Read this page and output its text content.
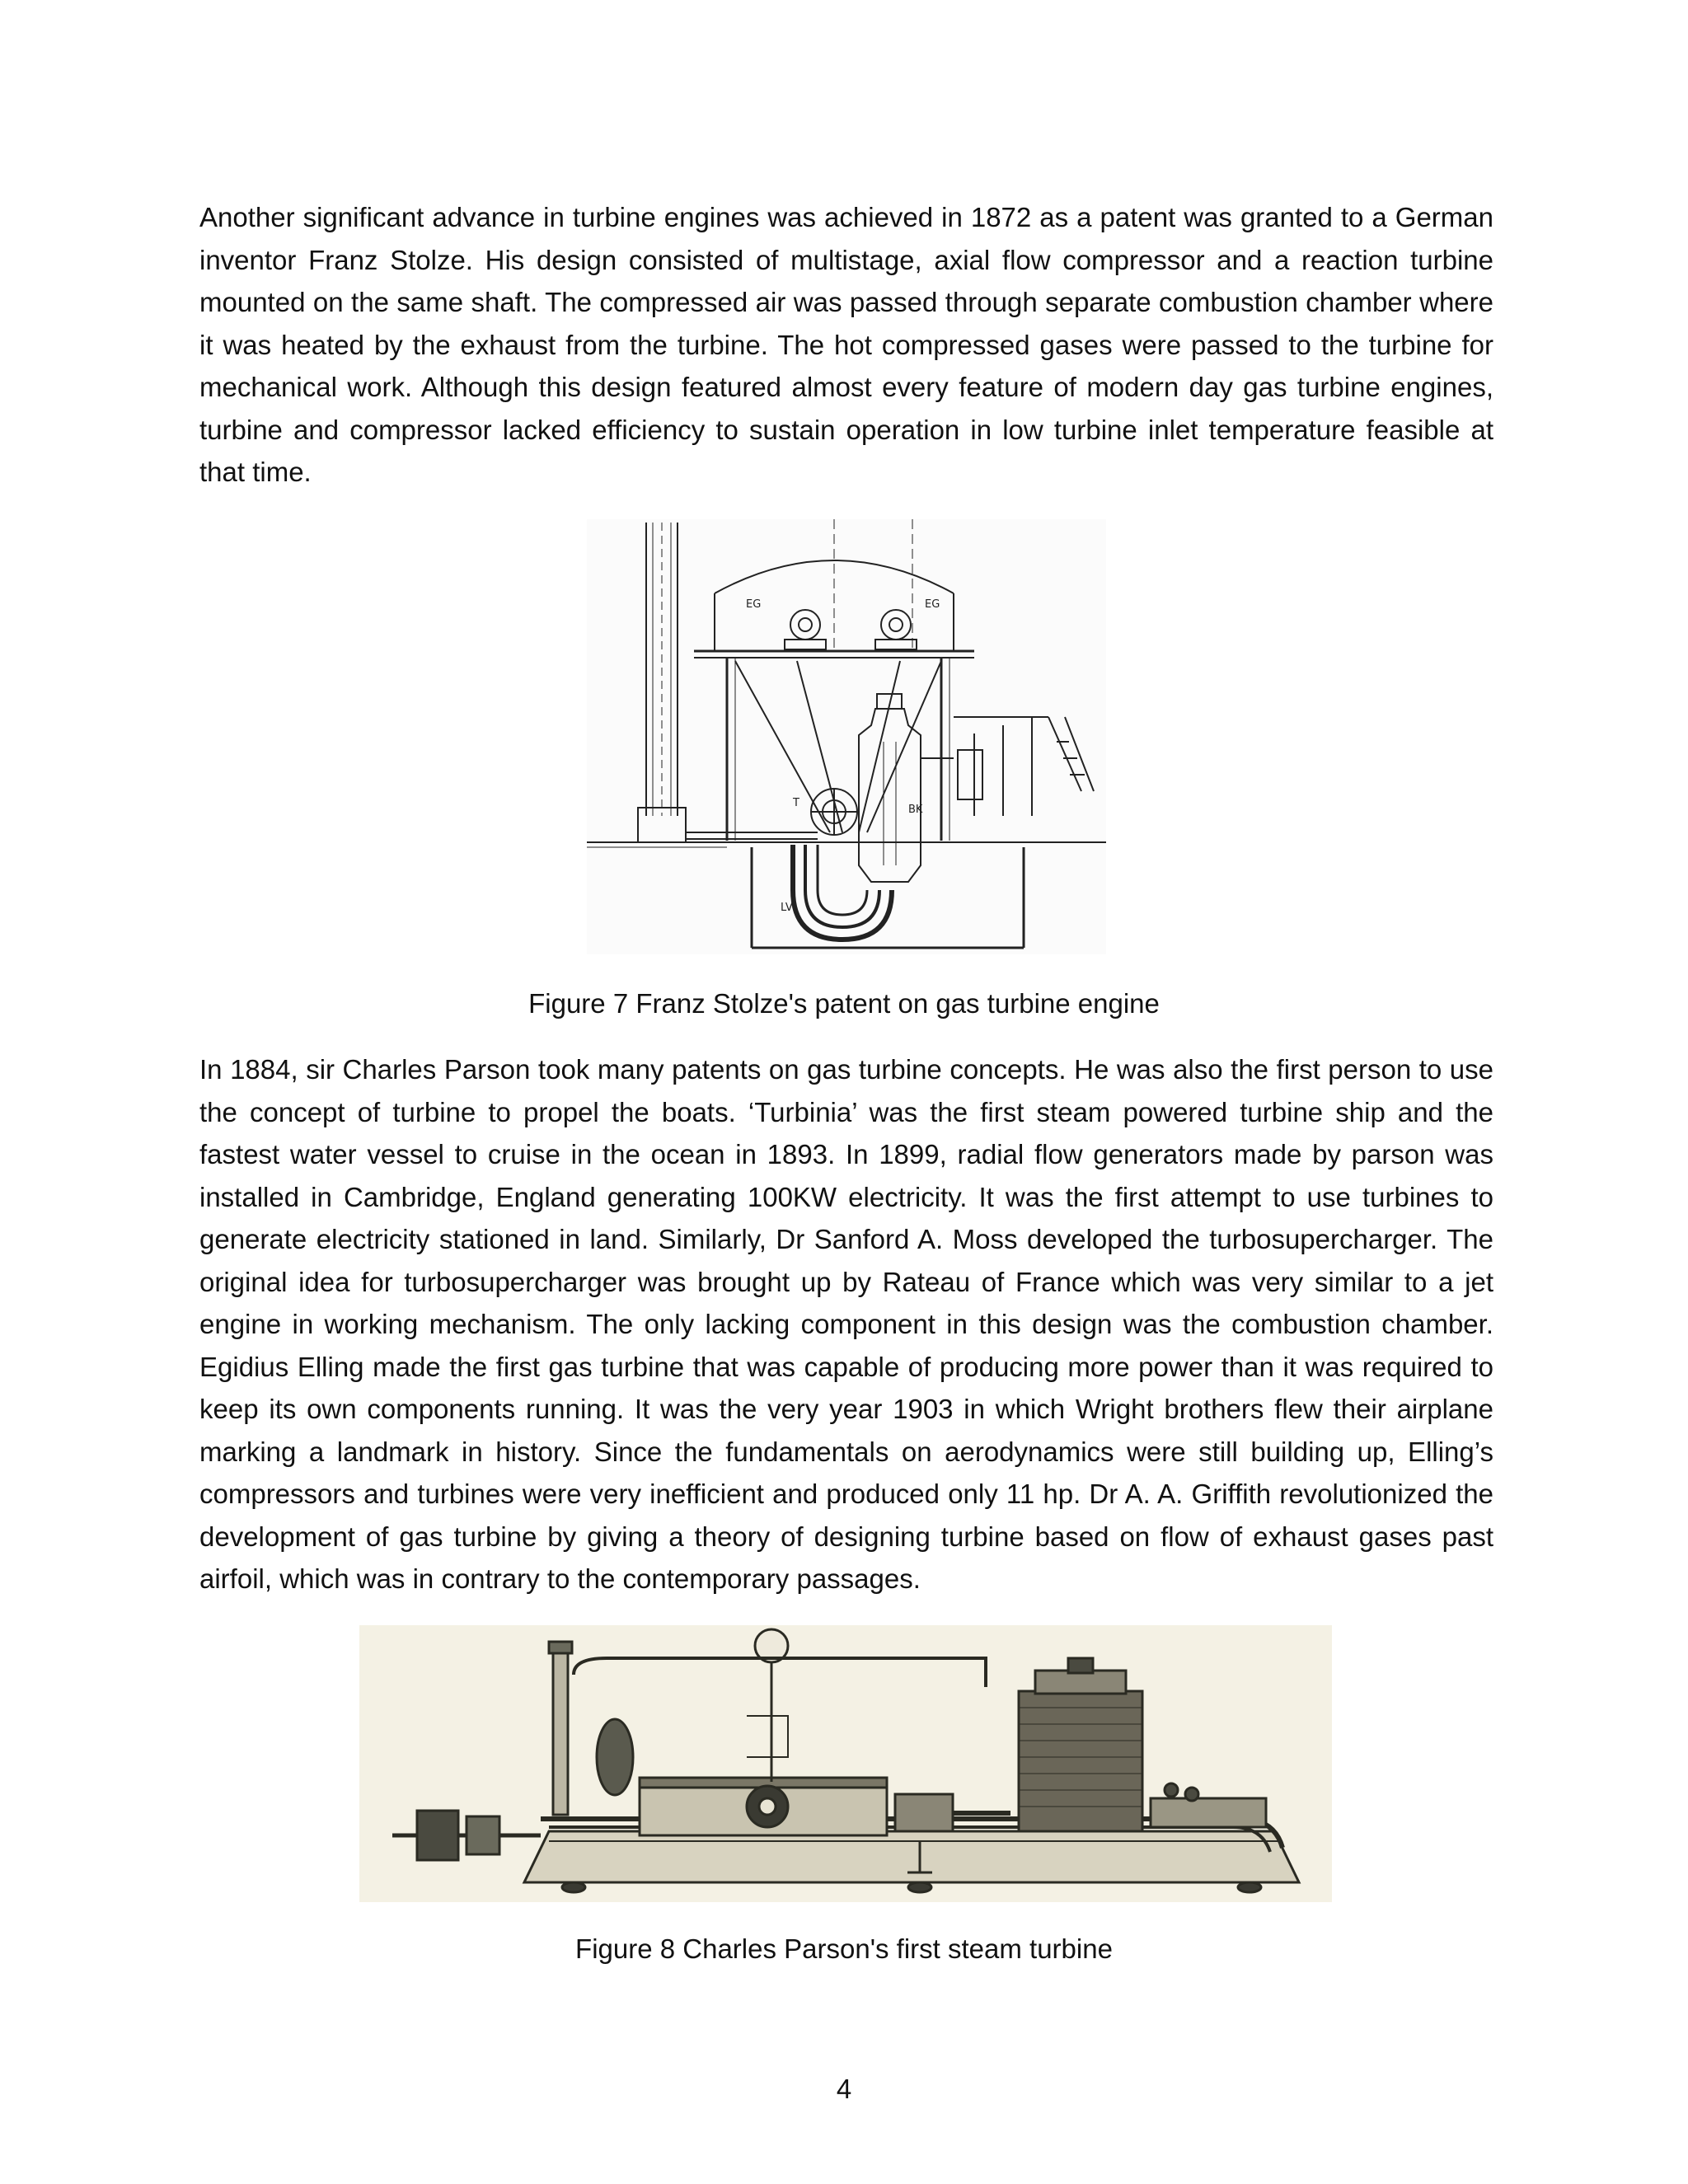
Another significant advance in turbine engines was achieved in 1872 as a patent was granted to a German inventor Franz Stolze. His design consisted of multistage, axial flow compressor and a reaction turbine mounted on the same shaft. The compressed air was passed through separate combustion chamber where it was heated by the exhaust from the turbine. The hot compressed gases were passed to the turbine for mechanical work. Although this design featured almost every feature of modern day gas turbine engines, turbine and compressor lacked efficiency to sustain operation in low turbine inlet temperature feasible at that time.

EG	EG
T
BK
LV

Figure 7 Franz Stolze's patent on gas turbine engine

In 1884, sir Charles Parson took many patents on gas turbine concepts. He was also the first person to use the concept of turbine to propel the boats. ‘Turbinia’ was the first steam powered turbine ship and the fastest water vessel to cruise in the ocean in 1893. In 1899, radial flow generators made by parson was installed in Cambridge, England generating 100KW electricity. It was the first attempt to use turbines to generate electricity stationed in land. Similarly, Dr Sanford A. Moss developed the turbosupercharger. The original idea for turbosupercharger was brought up by Rateau of France which was very similar to a jet engine in working mechanism. The only lacking component in this design was the combustion chamber. Egidius Elling made the first gas turbine that was capable of producing more power than it was required to keep its own components running. It was the very year 1903 in which Wright brothers flew their airplane marking a landmark in history. Since the fundamentals on aerodynamics were still building up, Elling’s compressors and turbines were very inefficient and produced only 11 hp. Dr A. A. Griffith revolutionized the development of gas turbine by giving a theory of designing turbine based on flow of exhaust gases past airfoil, which was in contrary to the contemporary passages.

Figure 8 Charles Parson's first steam turbine

4
